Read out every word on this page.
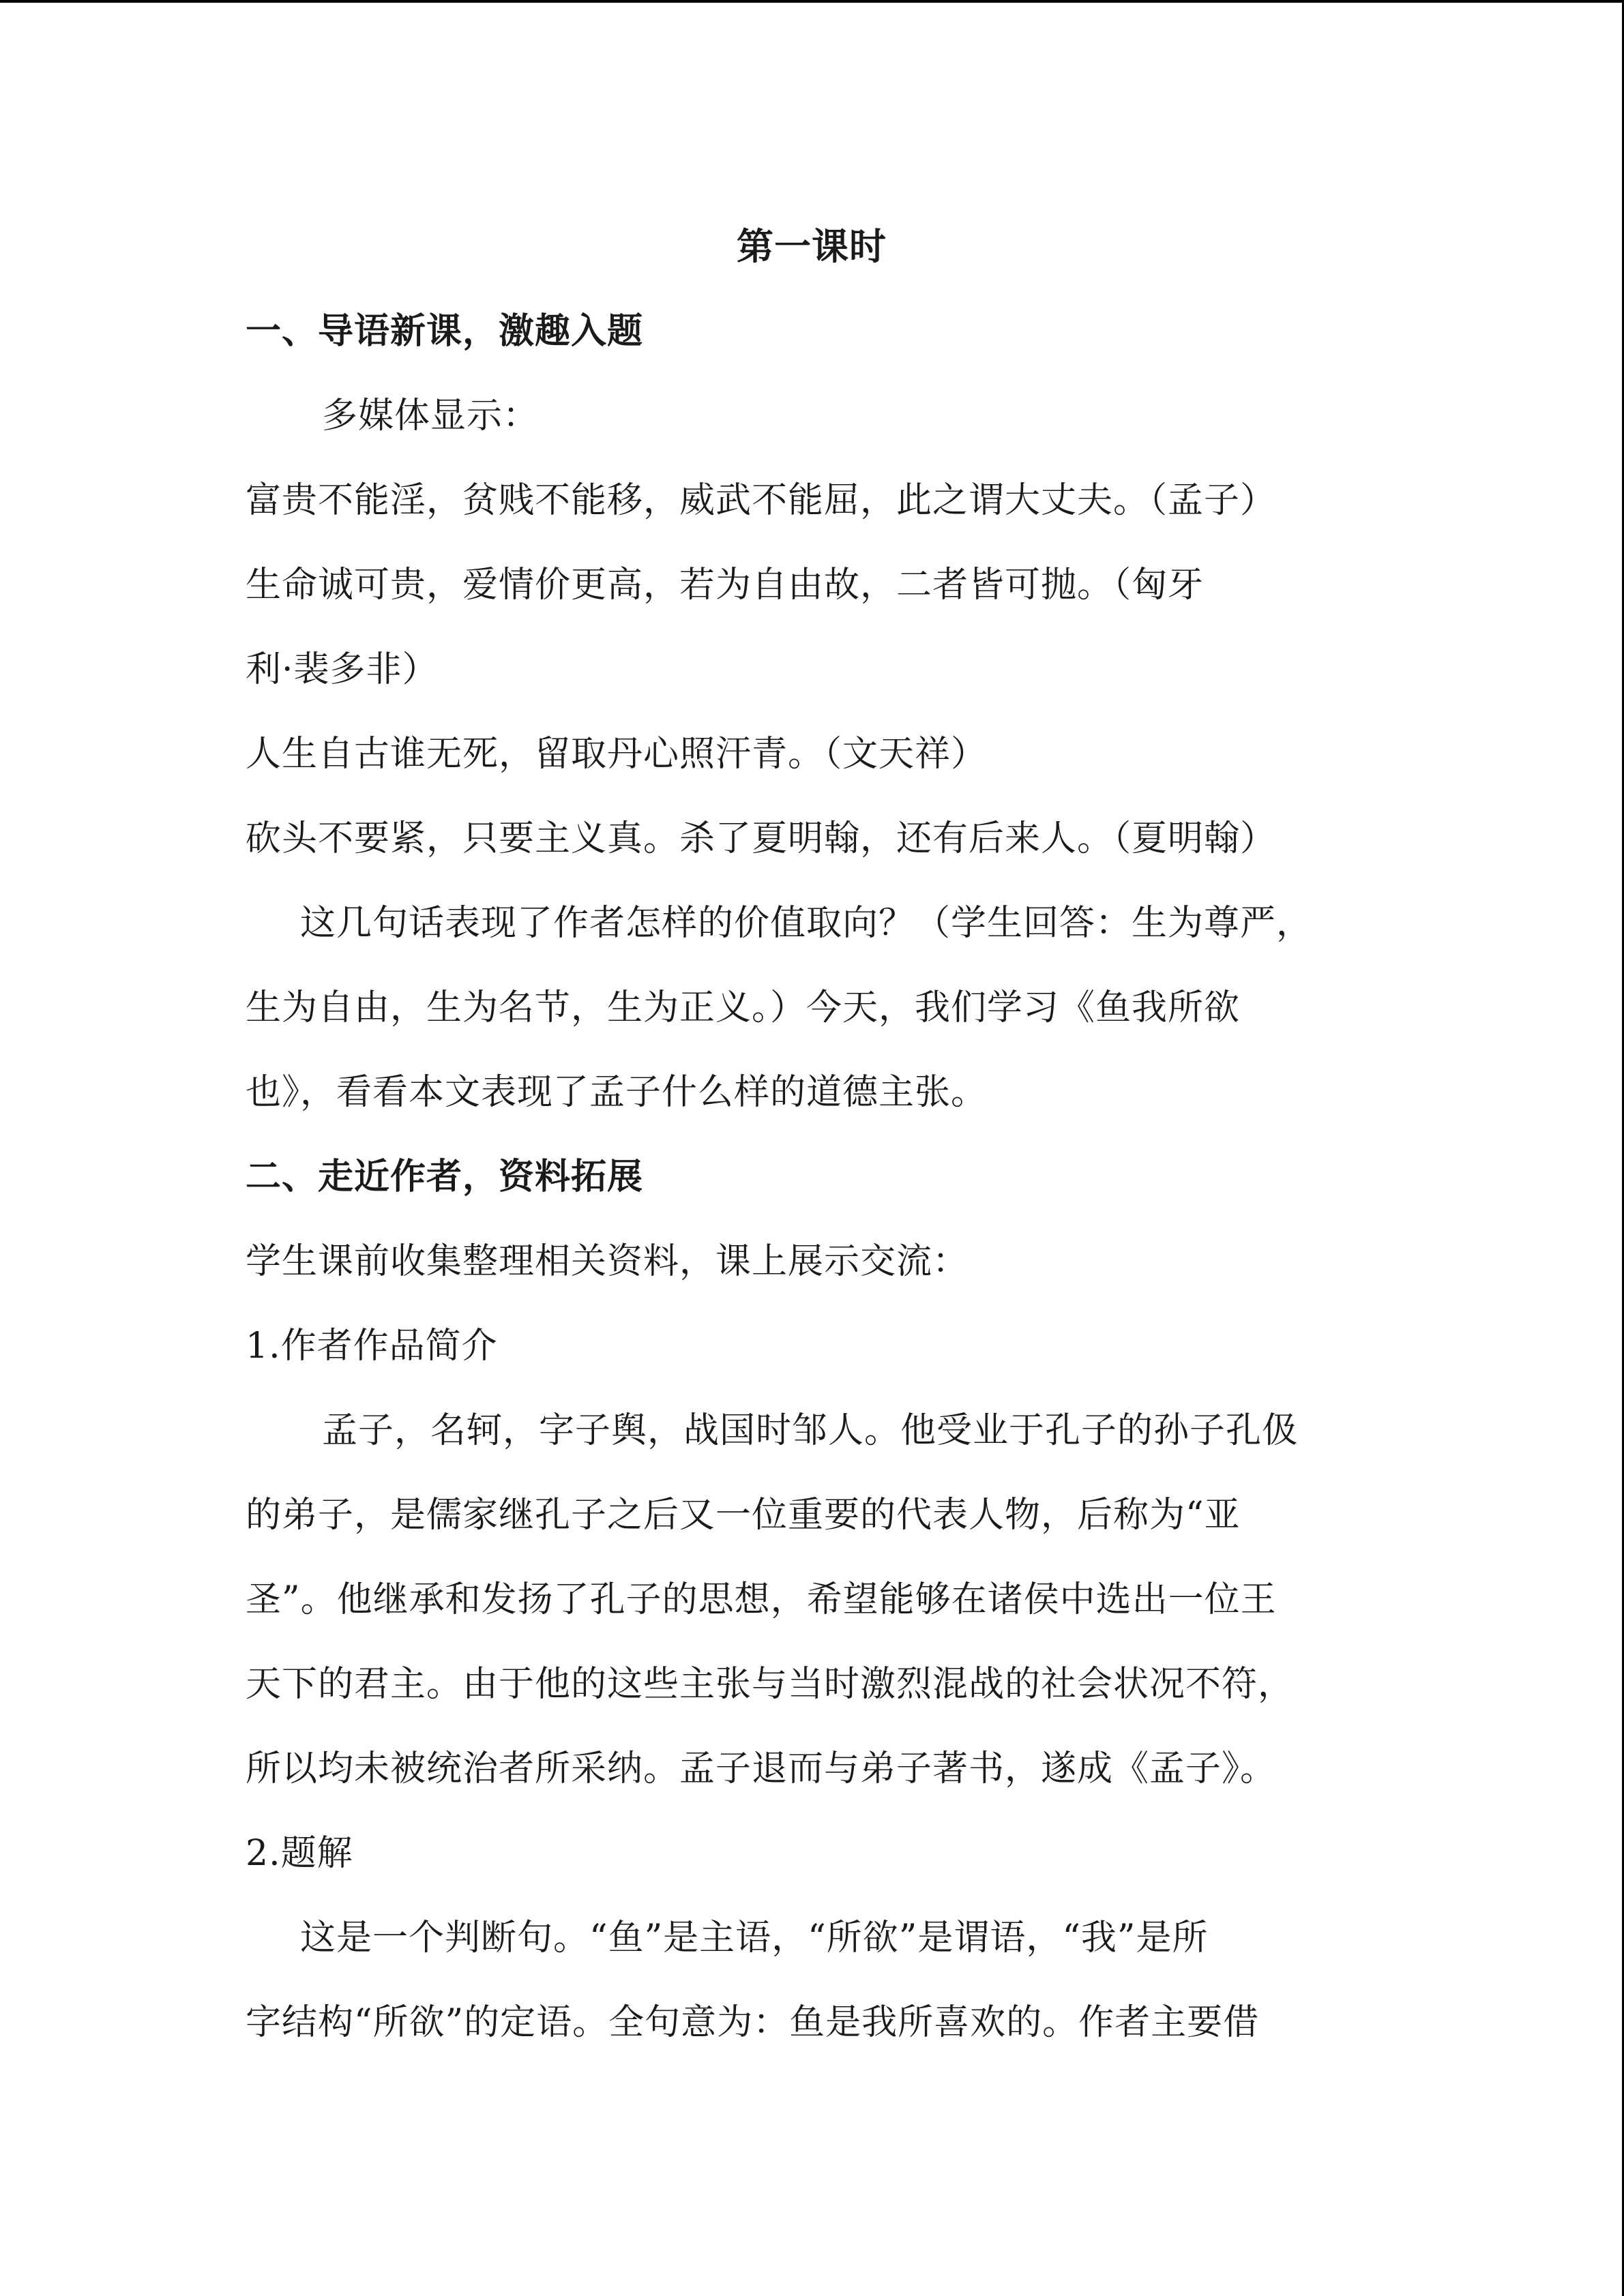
第一课时
一、导语新课，激趣入题
多媒体显示：
富贵不能淫，贫贱不能移，威武不能屈，此之谓大丈夫。（孟子）
生命诚可贵，爱情价更高，若为自由故，二者皆可抛。（匈牙
利·裴多非）
人生自古谁无死，留取丹心照汗青。（文天祥）
砍头不要紧，只要主义真。杀了夏明翰，还有后来人。（夏明翰）
这几句话表现了作者怎样的价值取向？（学生回答：生为尊严，
生为自由，生为名节，生为正义。）今天，我们学习《鱼我所欲
也》，看看本文表现了孟子什么样的道德主张。
二、走近作者，资料拓展
学生课前收集整理相关资料，课上展示交流：
1.作者作品简介
孟子，名轲，字子舆，战国时邹人。他受业于孔子的孙子孔伋
的弟子，是儒家继孔子之后又一位重要的代表人物，后称为“亚
圣”。他继承和发扬了孔子的思想，希望能够在诸侯中选出一位王
天下的君主。由于他的这些主张与当时激烈混战的社会状况不符，
所以均未被统治者所采纳。孟子退而与弟子著书，遂成《孟子》。
2.题解
这是一个判断句。“鱼”是主语，“所欲”是谓语，“我”是所
字结构“所欲”的定语。全句意为：鱼是我所喜欢的。作者主要借
